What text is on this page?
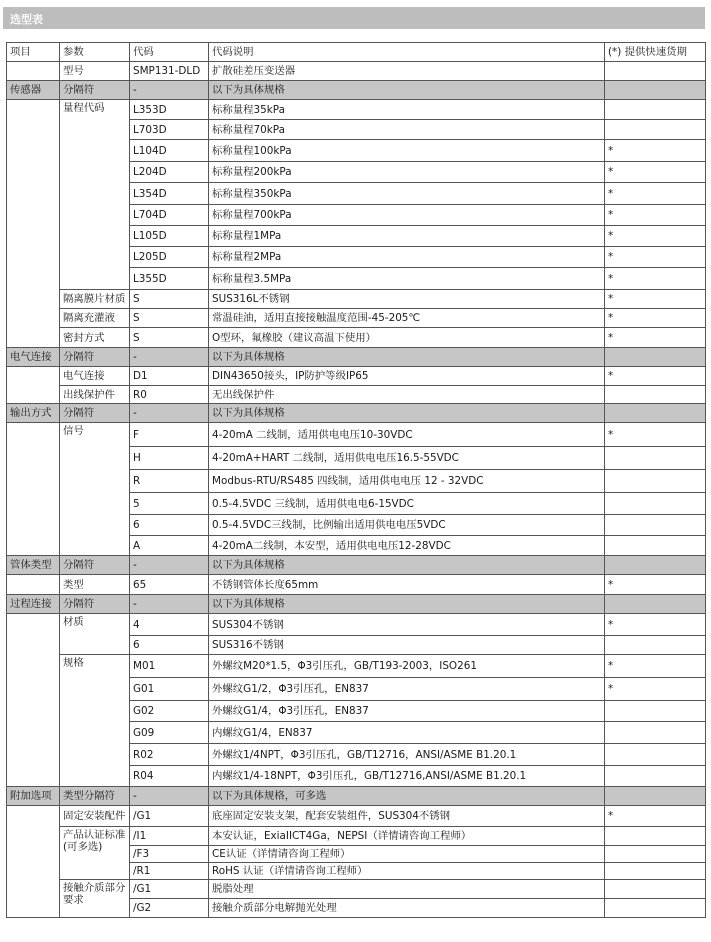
选型表
项目	参数	代码	代码说明	(*) 提供快速货期
	型号	SMP131-DLD	扩散硅差压变送器	
传感器	分隔符	-	以下为具体规格	
	量程代码	L353D	标称量程35kPa	
		L703D	标称量程70kPa	
		L104D	标称量程100kPa	*
		L204D	标称量程200kPa	*
		L354D	标称量程350kPa	*
		L704D	标称量程700kPa	*
		L105D	标称量程1MPa	*
		L205D	标称量程2MPa	*
		L355D	标称量程3.5MPa	*
	隔离膜片材质	S	SUS316L不锈钢	*
	隔离充灌液	S	常温硅油，适用直接接触温度范围-45-205℃	*
	密封方式	S	O型环，氟橡胶（建议高温下使用）	*
电气连接	分隔符	-	以下为具体规格	
	电气连接	D1	DIN43650接头，IP防护等级IP65	*
	出线保护件	R0	无出线保护件	
输出方式	分隔符	-	以下为具体规格	
	信号	F	4-20mA 二线制，适用供电电压10-30VDC	*
		H	4-20mA+HART 二线制，适用供电电压16.5-55VDC	
		R	Modbus-RTU/RS485 四线制，适用供电电压 12 - 32VDC	
		5	0.5-4.5VDC 三线制，适用供电电6-15VDC	
		6	0.5-4.5VDC三线制，比例输出适用供电电压5VDC	
		A	4-20mA二线制，本安型，适用供电电压12-28VDC	
管体类型	分隔符	-	以下为具体规格	
	类型	65	不锈钢管体长度65mm	*
过程连接	分隔符	-	以下为具体规格	
	材质	4	SUS304不锈钢	*
		6	SUS316不锈钢	
	规格	M01	外螺纹M20*1.5，Φ3引压孔，GB/T193-2003，ISO261	*
		G01	外螺纹G1/2，Φ3引压孔，EN837	*
		G02	外螺纹G1/4，Φ3引压孔，EN837	
		G09	内螺纹G1/4，EN837	
		R02	外螺纹1/4NPT，Φ3引压孔，GB/T12716，ANSI/ASME B1.20.1	
		R04	内螺纹1/4-18NPT，Φ3引压孔，GB/T12716,ANSI/ASME B1.20.1	
附加选项	类型分隔符	-	以下为具体规格，可多选	
	固定安装配件	/G1	底座固定安装支架，配套安装组件，SUS304不锈钢	*
	产品认证标准(可多选)	/I1	本安认证，ExiaIICT4Ga，NEPSI（详情请咨询工程师）	
		/F3	CE认证（详情请咨询工程师）	
		/R1	RoHS 认证（详情请咨询工程师）	
	接触介质部分要求	/G1	脱脂处理	
		/G2	接触介质部分电解抛光处理	
